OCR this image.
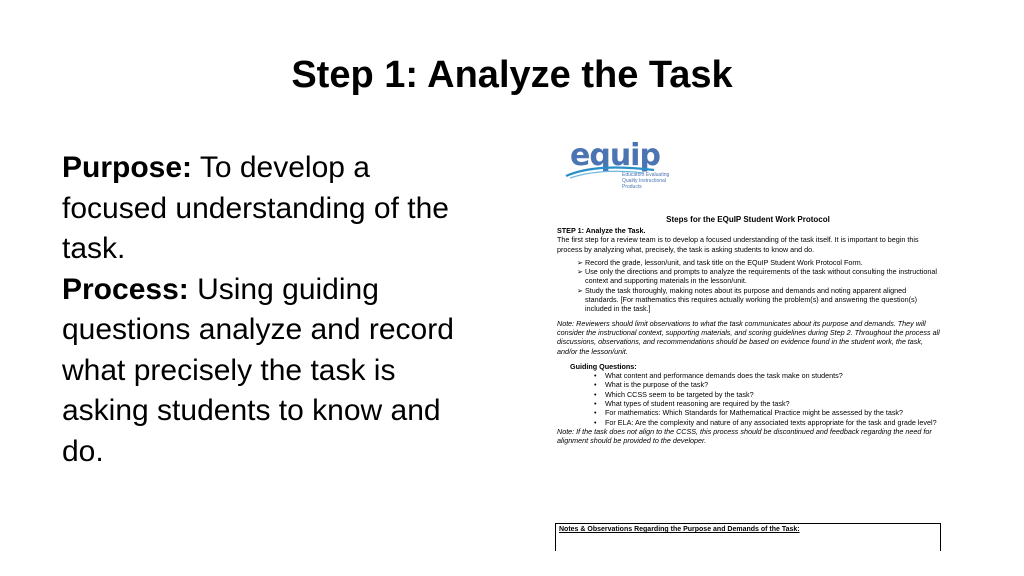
Step 1: Analyze the Task

Purpose: To develop a focused understanding of the task.

Process: Using guiding questions analyze and record what precisely the task is asking students to know and do.

equip
Educators Evaluating Quality Instructional Products
Steps for the EQuIP Student Work Protocol

STEP 1: Analyze the Task.

The first step for a review team is to develop a focused understanding of the task itself. It is important to begin this process by analyzing what, precisely, the task is asking students to know and do.

➢ Record the grade, lesson/unit, and task title on the EQuIP Student Work Protocol Form.
➢ Use only the directions and prompts to analyze the requirements of the task without consulting the instructional context and supporting materials in the lesson/unit.
➢ Study the task thoroughly, making notes about its purpose and demands and noting apparent aligned standards. [For mathematics this requires actually working the problem(s) and answering the question(s) included in the task.]

Note: Reviewers should limit observations to what the task communicates about its purpose and demands. They will consider the instructional context, supporting materials, and scoring guidelines during Step 2. Throughout the process all discussions, observations, and recommendations should be based on evidence found in the student work, the task, and/or the lesson/unit.

Guiding Questions:

• What content and performance demands does the task make on students?
• What is the purpose of the task?
• Which CCSS seem to be targeted by the task?
• What types of student reasoning are required by the task?
• For mathematics: Which Standards for Mathematical Practice might be assessed by the task?
• For ELA: Are the complexity and nature of any associated texts appropriate for the task and grade level?

Note: If the task does not align to the CCSS, this process should be discontinued and feedback regarding the need for alignment should be provided to the developer.

Notes & Observations Regarding the Purpose and Demands of the Task:
